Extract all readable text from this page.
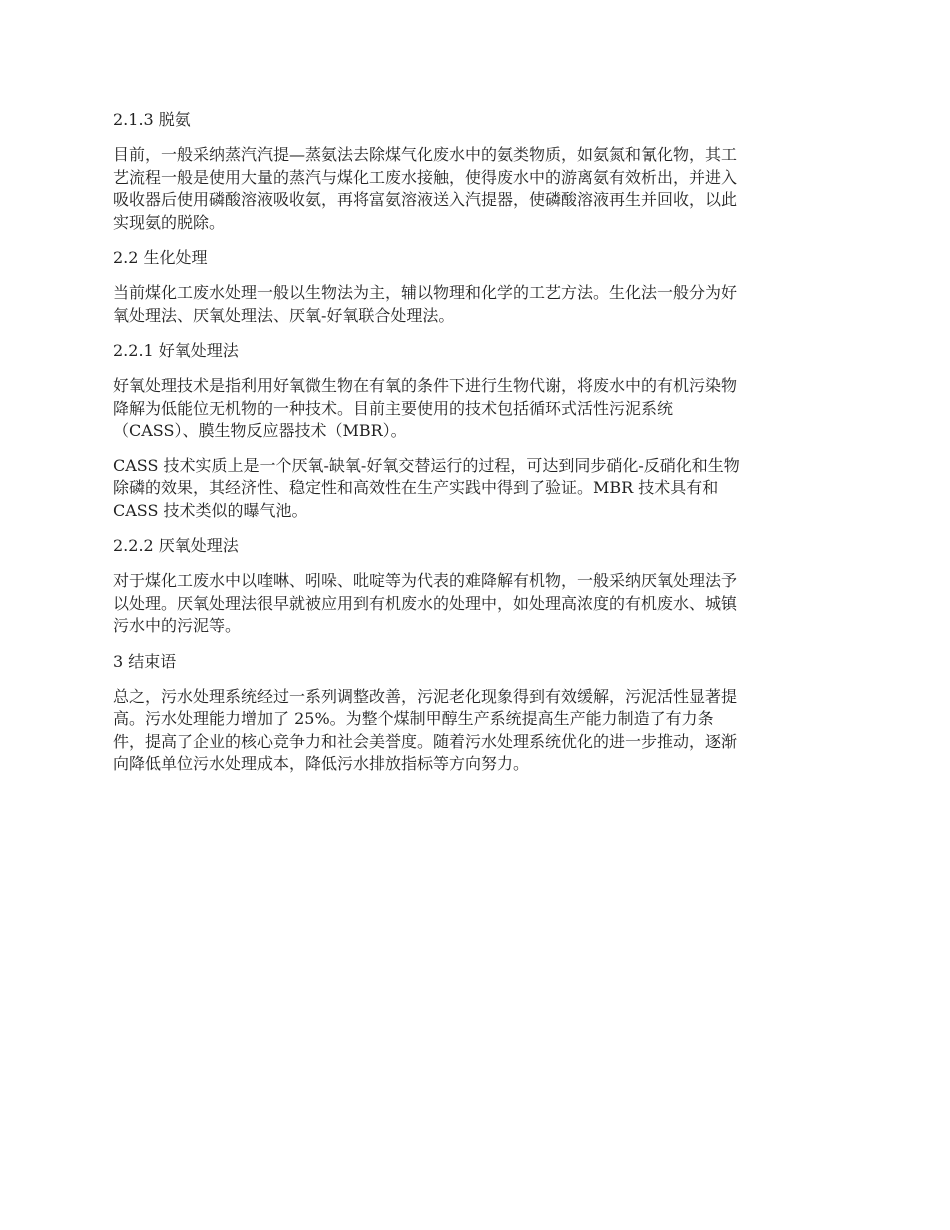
2.1.3 脱氨
目前，一般采纳蒸汽汽提—蒸氨法去除煤气化废水中的氨类物质，如氨氮和氰化物，其工
艺流程一般是使用大量的蒸汽与煤化工废水接触，使得废水中的游离氨有效析出，并进入
吸收器后使用磷酸溶液吸收氨，再将富氨溶液送入汽提器，使磷酸溶液再生并回收，以此
实现氨的脱除。
2.2 生化处理
当前煤化工废水处理一般以生物法为主，辅以物理和化学的工艺方法。生化法一般分为好
氧处理法、厌氧处理法、厌氧-好氧联合处理法。
2.2.1 好氧处理法
好氧处理技术是指利用好氧微生物在有氧的条件下进行生物代谢，将废水中的有机污染物
降解为低能位无机物的一种技术。目前主要使用的技术包括循环式活性污泥系统
（CASS）、膜生物反应器技术（MBR）。
CASS 技术实质上是一个厌氧-缺氧-好氧交替运行的过程，可达到同步硝化-反硝化和生物
除磷的效果，其经济性、稳定性和高效性在生产实践中得到了验证。MBR 技术具有和
CASS 技术类似的曝气池。
2.2.2 厌氧处理法
对于煤化工废水中以喹啉、吲哚、吡啶等为代表的难降解有机物，一般采纳厌氧处理法予
以处理。厌氧处理法很早就被应用到有机废水的处理中，如处理高浓度的有机废水、城镇
污水中的污泥等。
3 结束语
总之，污水处理系统经过一系列调整改善，污泥老化现象得到有效缓解，污泥活性显著提
高。污水处理能力增加了 25%。为整个煤制甲醇生产系统提高生产能力制造了有力条
件，提高了企业的核心竞争力和社会美誉度。随着污水处理系统优化的进一步推动，逐渐
向降低单位污水处理成本，降低污水排放指标等方向努力。
